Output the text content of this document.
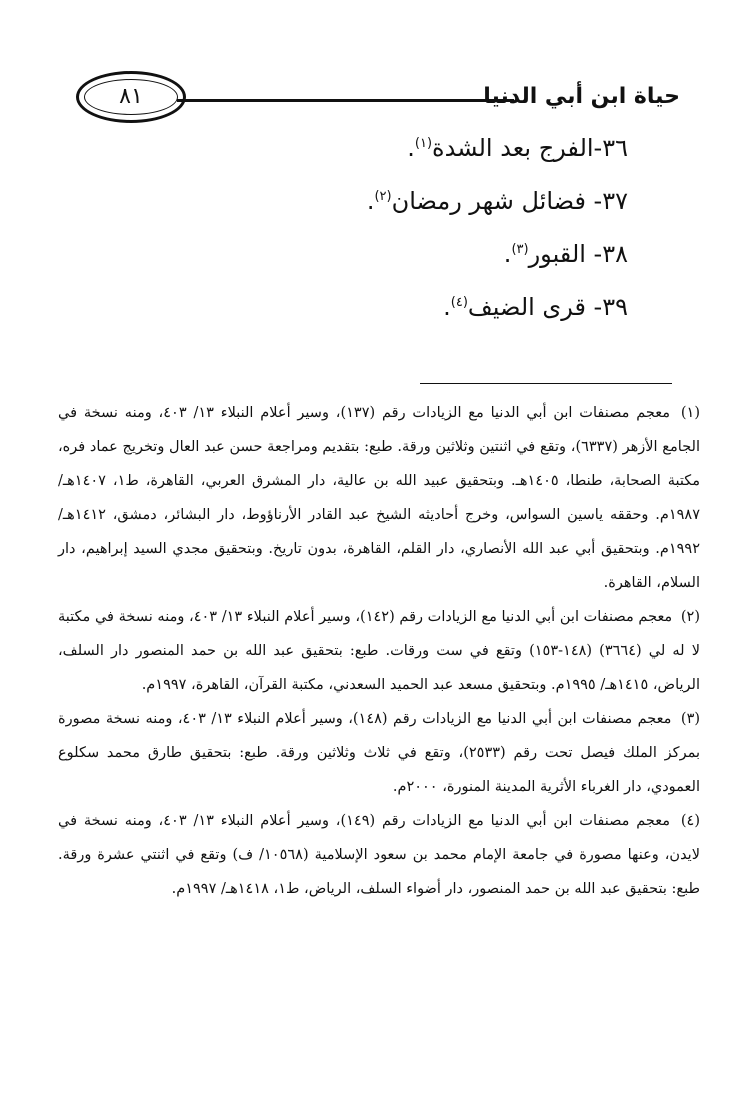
حياة ابن أبي الدنيا
٨١
٣٦-الفرج بعد الشدة$^{(١)}$.
٣٧- فضائل شهر رمضان$^{(٢)}$.
٣٨- القبور$^{(٣)}$.
٣٩- قرى الضيف$^{(٤)}$.

(١) معجم مصنفات ابن أبي الدنيا مع الزيادات رقم (١٣٧)، وسير أعلام النبلاء ١٣/ ٤٠٣، ومنه نسخة في الجامع الأزهر (٦٣٣٧)، وتقع في اثنتين وثلاثين ورقة. طبع: بتقديم ومراجعة حسن عبد العال وتخريج عماد فره، مكتبة الصحابة، طنطا، ١٤٠٥هـ. وبتحقيق عبيد الله بن عالية، دار المشرق العربي، القاهرة، ط١، ١٤٠٧هـ/ ١٩٨٧م. وحققه ياسين السواس، وخرج أحاديثه الشيخ عبد القادر الأرناؤوط، دار البشائر، دمشق، ١٤١٢هـ/ ١٩٩٢م. وبتحقيق أبي عبد الله الأنصاري، دار القلم، القاهرة، بدون تاريخ. وبتحقيق مجدي السيد إبراهيم، دار السلام، القاهرة.

(٢) معجم مصنفات ابن أبي الدنيا مع الزيادات رقم (١٤٢)، وسير أعلام النبلاء ١٣/ ٤٠٣، ومنه نسخة في مكتبة لا له لي (٣٦٦٤) (١٤٨-١٥٣) وتقع في ست ورقات. طبع: بتحقيق عبد الله بن حمد المنصور دار السلف، الرياض، ١٤١٥هـ/ ١٩٩٥م. وبتحقيق مسعد عبد الحميد السعدني، مكتبة القرآن، القاهرة، ١٩٩٧م.

(٣) معجم مصنفات ابن أبي الدنيا مع الزيادات رقم (١٤٨)، وسير أعلام النبلاء ١٣/ ٤٠٣، ومنه نسخة مصورة بمركز الملك فيصل تحت رقم (٢٥٣٣)، وتقع في ثلاث وثلاثين ورقة. طبع: بتحقيق طارق محمد سكلوع العمودي، دار الغرباء الأثرية المدينة المنورة، ٢٠٠٠م.

(٤) معجم مصنفات ابن أبي الدنيا مع الزيادات رقم (١٤٩)، وسير أعلام النبلاء ١٣/ ٤٠٣، ومنه نسخة في لايدن، وعنها مصورة في جامعة الإمام محمد بن سعود الإسلامية (١٠٥٦٨/ ف) وتقع في اثنتي عشرة ورقة. طبع: بتحقيق عبد الله بن حمد المنصور، دار أضواء السلف، الرياض، ط١، ١٤١٨هـ/ ١٩٩٧م.
